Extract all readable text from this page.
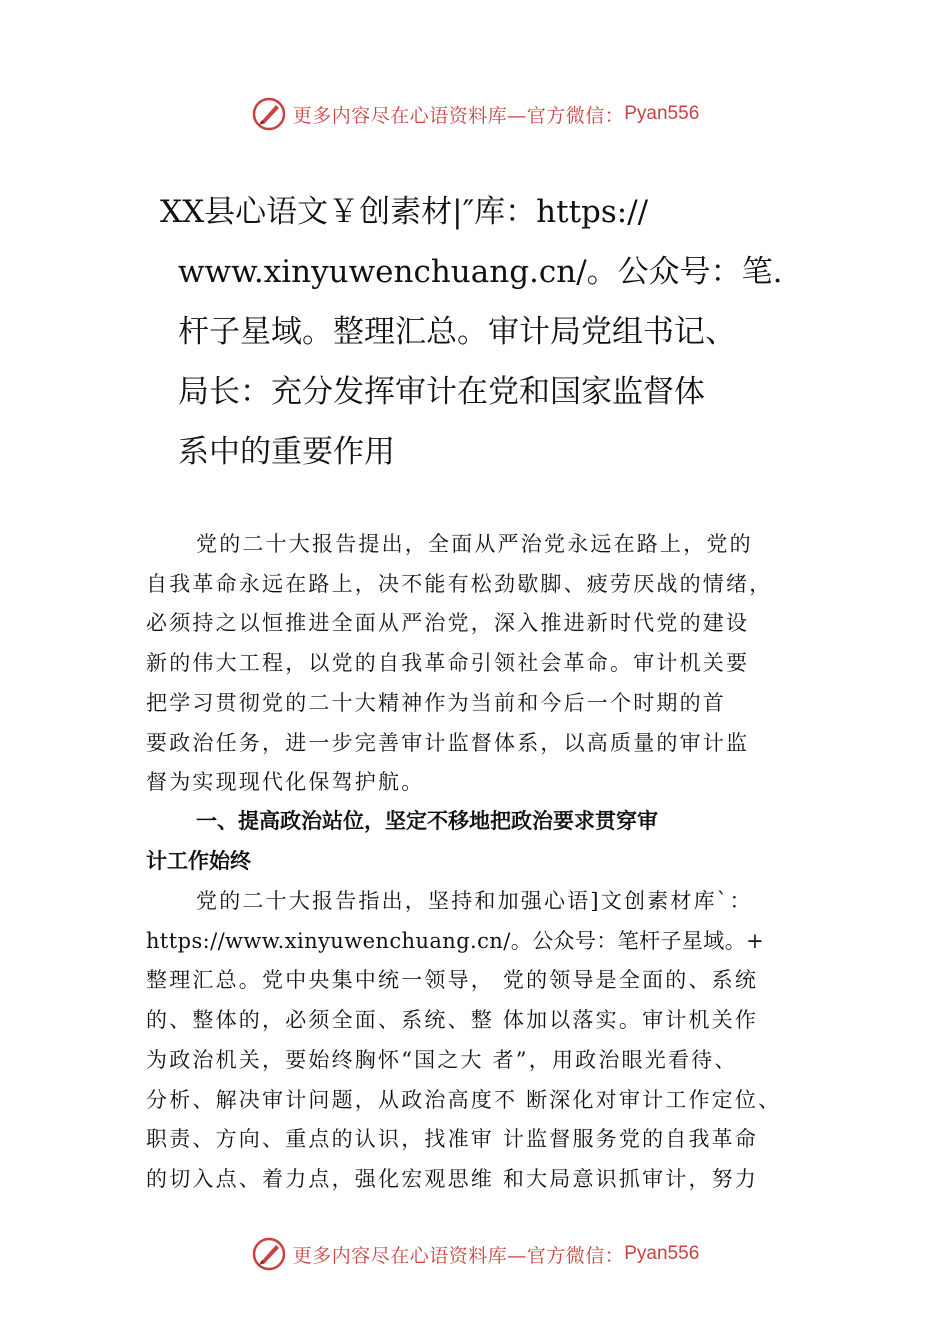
更多内容尽在心语资料库—官方微信： Pyan556
XX县心语文￥创素材|″库：https://
www.xinyuwenchuang.cn/。公众号：笔.
杆子星域。整理汇总。审计局党组书记、
局长：充分发挥审计在党和国家监督体
系中的重要作用

党的二十大报告提出，全面从严治党永远在路上，党的
自我革命永远在路上，决不能有松劲歇脚、疲劳厌战的情绪，
必须持之以恒推进全面从严治党，深入推进新时代党的建设
新的伟大工程，以党的自我革命引领社会革命。审计机关要
把学习贯彻党的二十大精神作为当前和今后一个时期的首
要政治任务，进一步完善审计监督体系，以高质量的审计监
督为实现现代化保驾护航。

一、提高政治站位，坚定不移地把政治要求贯穿审
计工作始终

党的二十大报告指出，坚持和加强心语]文创素材库`：
https://www.xinyuwenchuang.cn/。公众号：笔杆子星域。+
整理汇总。党中央集中统一领导， 党的领导是全面的、系统
的、整体的，必须全面、系统、整 体加以落实。审计机关作
为政治机关，要始终胸怀“国之大 者”，用政治眼光看待、
分析、解决审计问题，从政治高度不 断深化对审计工作定位、
职责、方向、重点的认识，找准审 计监督服务党的自我革命
的切入点、着力点，强化宏观思维 和大局意识抓审计，努力

更多内容尽在心语资料库—官方微信： Pyan556
